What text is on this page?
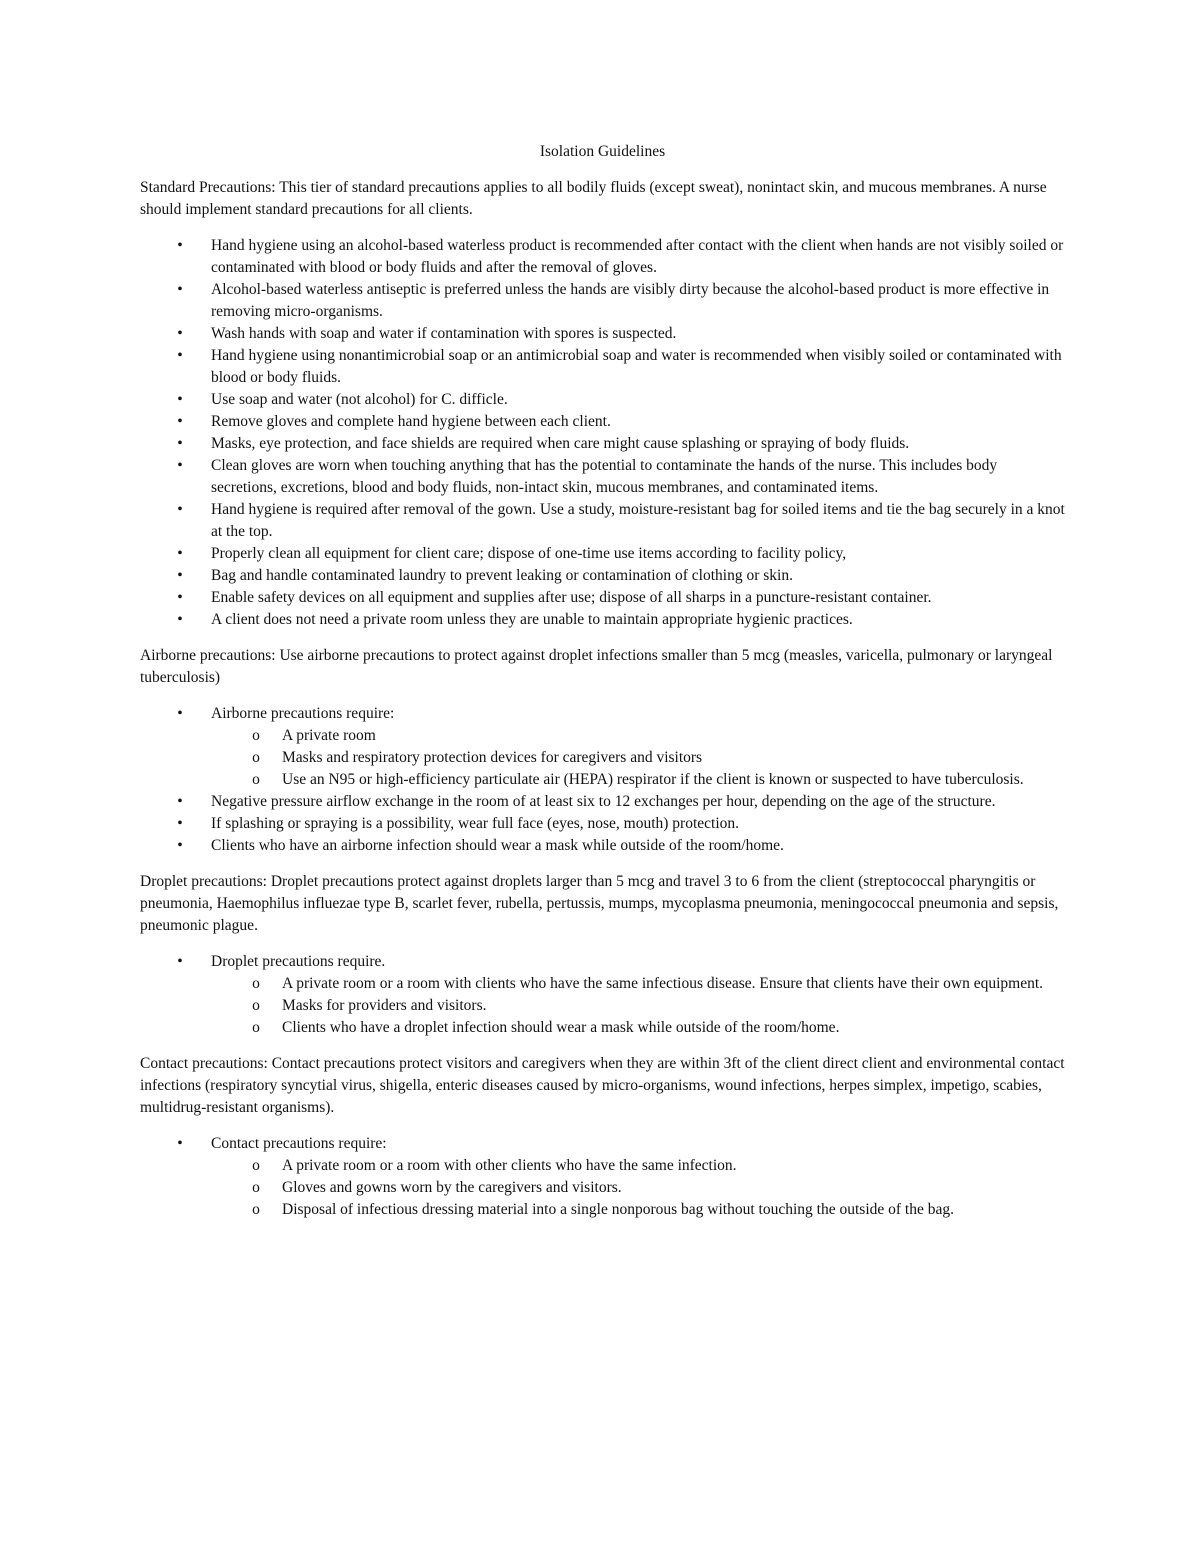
Isolation Guidelines
Standard Precautions: This tier of standard precautions applies to all bodily fluids (except sweat), nonintact skin, and mucous membranes. A nurse should implement standard precautions for all clients.
• Hand hygiene using an alcohol-based waterless product is recommended after contact with the client when hands are not visibly soiled or contaminated with blood or body fluids and after the removal of gloves.
• Alcohol-based waterless antiseptic is preferred unless the hands are visibly dirty because the alcohol-based product is more effective in removing micro-organisms.
• Wash hands with soap and water if contamination with spores is suspected.
• Hand hygiene using nonantimicrobial soap or an antimicrobial soap and water is recommended when visibly soiled or contaminated with blood or body fluids.
• Use soap and water (not alcohol) for C. difficle.
• Remove gloves and complete hand hygiene between each client.
• Masks, eye protection, and face shields are required when care might cause splashing or spraying of body fluids.
• Clean gloves are worn when touching anything that has the potential to contaminate the hands of the nurse. This includes body secretions, excretions, blood and body fluids, non-intact skin, mucous membranes, and contaminated items.
• Hand hygiene is required after removal of the gown. Use a study, moisture-resistant bag for soiled items and tie the bag securely in a knot at the top.
• Properly clean all equipment for client care; dispose of one-time use items according to facility policy,
• Bag and handle contaminated laundry to prevent leaking or contamination of clothing or skin.
• Enable safety devices on all equipment and supplies after use; dispose of all sharps in a puncture-resistant container.
• A client does not need a private room unless they are unable to maintain appropriate hygienic practices.
Airborne precautions: Use airborne precautions to protect against droplet infections smaller than 5 mcg (measles, varicella, pulmonary or laryngeal tuberculosis)
• Airborne precautions require:
o A private room
o Masks and respiratory protection devices for caregivers and visitors
o Use an N95 or high-efficiency particulate air (HEPA) respirator if the client is known or suspected to have tuberculosis.
• Negative pressure airflow exchange in the room of at least six to 12 exchanges per hour, depending on the age of the structure.
• If splashing or spraying is a possibility, wear full face (eyes, nose, mouth) protection.
• Clients who have an airborne infection should wear a mask while outside of the room/home.
Droplet precautions: Droplet precautions protect against droplets larger than 5 mcg and travel 3 to 6 from the client (streptococcal pharyngitis or pneumonia, Haemophilus influezae type B, scarlet fever, rubella, pertussis, mumps, mycoplasma pneumonia, meningococcal pneumonia and sepsis, pneumonic plague.
• Droplet precautions require.
o A private room or a room with clients who have the same infectious disease. Ensure that clients have their own equipment.
o Masks for providers and visitors.
o Clients who have a droplet infection should wear a mask while outside of the room/home.
Contact precautions: Contact precautions protect visitors and caregivers when they are within 3ft of the client direct client and environmental contact infections (respiratory syncytial virus, shigella, enteric diseases caused by micro-organisms, wound infections, herpes simplex, impetigo, scabies, multidrug-resistant organisms).
• Contact precautions require:
o A private room or a room with other clients who have the same infection.
o Gloves and gowns worn by the caregivers and visitors.
o Disposal of infectious dressing material into a single nonporous bag without touching the outside of the bag.
